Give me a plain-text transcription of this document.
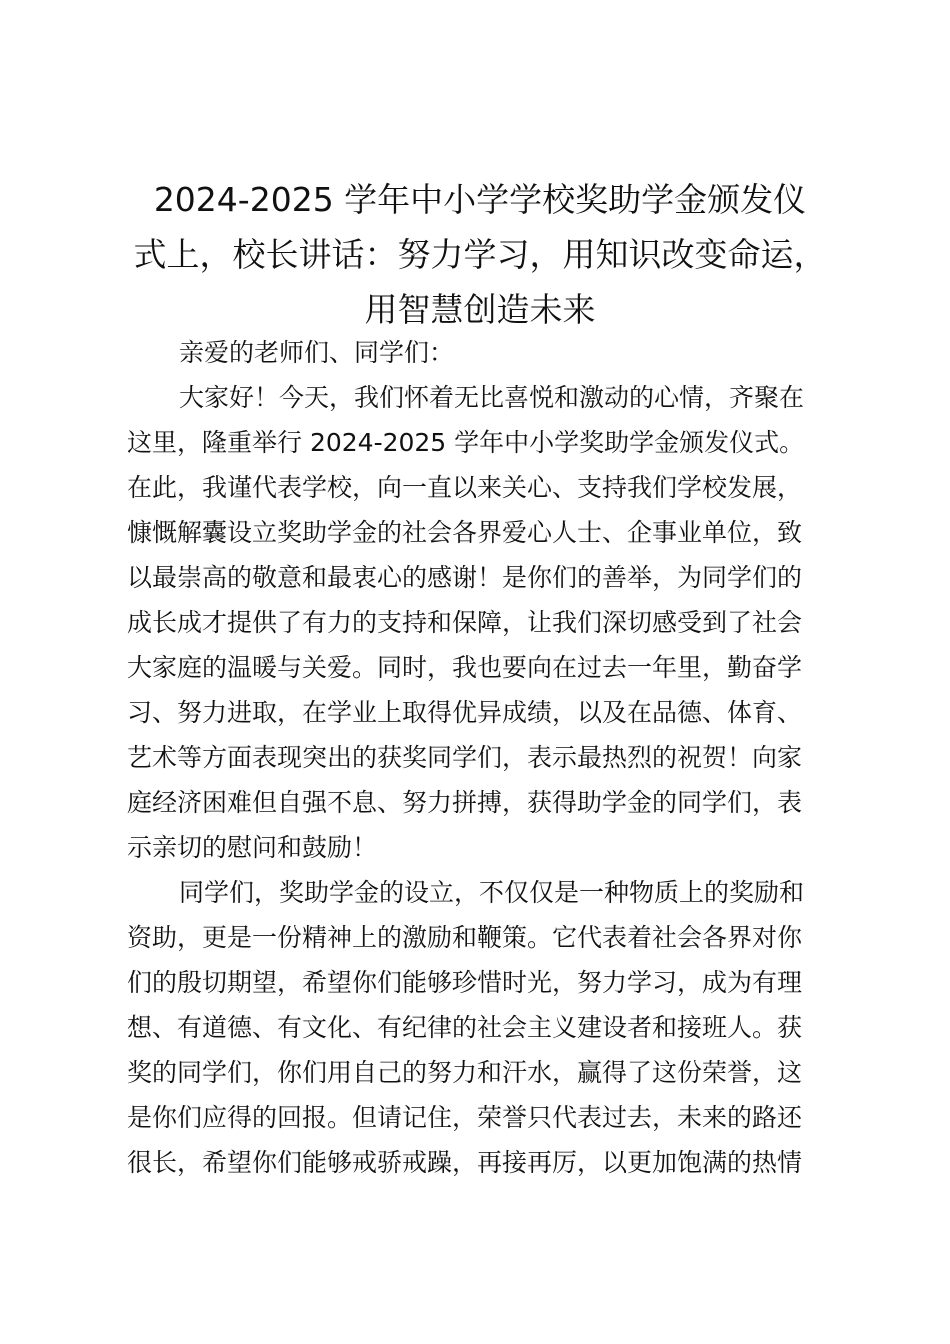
2024-2025 学年中小学学校奖助学金颁发仪
式上，校长讲话：努力学习，用知识改变命运，
用智慧创造未来
亲爱的老师们、同学们：
大家好！今天，我们怀着无比喜悦和激动的心情，齐聚在
这里，隆重举行 2024-2025 学年中小学奖助学金颁发仪式。
在此，我谨代表学校，向一直以来关心、支持我们学校发展，
慷慨解囊设立奖助学金的社会各界爱心人士、企事业单位，致
以最崇高的敬意和最衷心的感谢！是你们的善举，为同学们的
成长成才提供了有力的支持和保障，让我们深切感受到了社会
大家庭的温暖与关爱。同时，我也要向在过去一年里，勤奋学
习、努力进取，在学业上取得优异成绩，以及在品德、体育、
艺术等方面表现突出的获奖同学们，表示最热烈的祝贺！向家
庭经济困难但自强不息、努力拼搏，获得助学金的同学们，表
示亲切的慰问和鼓励！
同学们，奖助学金的设立，不仅仅是一种物质上的奖励和
资助，更是一份精神上的激励和鞭策。它代表着社会各界对你
们的殷切期望，希望你们能够珍惜时光，努力学习，成为有理
想、有道德、有文化、有纪律的社会主义建设者和接班人。获
奖的同学们，你们用自己的努力和汗水，赢得了这份荣誉，这
是你们应得的回报。但请记住，荣誉只代表过去，未来的路还
很长，希望你们能够戒骄戒躁，再接再厉，以更加饱满的热情
